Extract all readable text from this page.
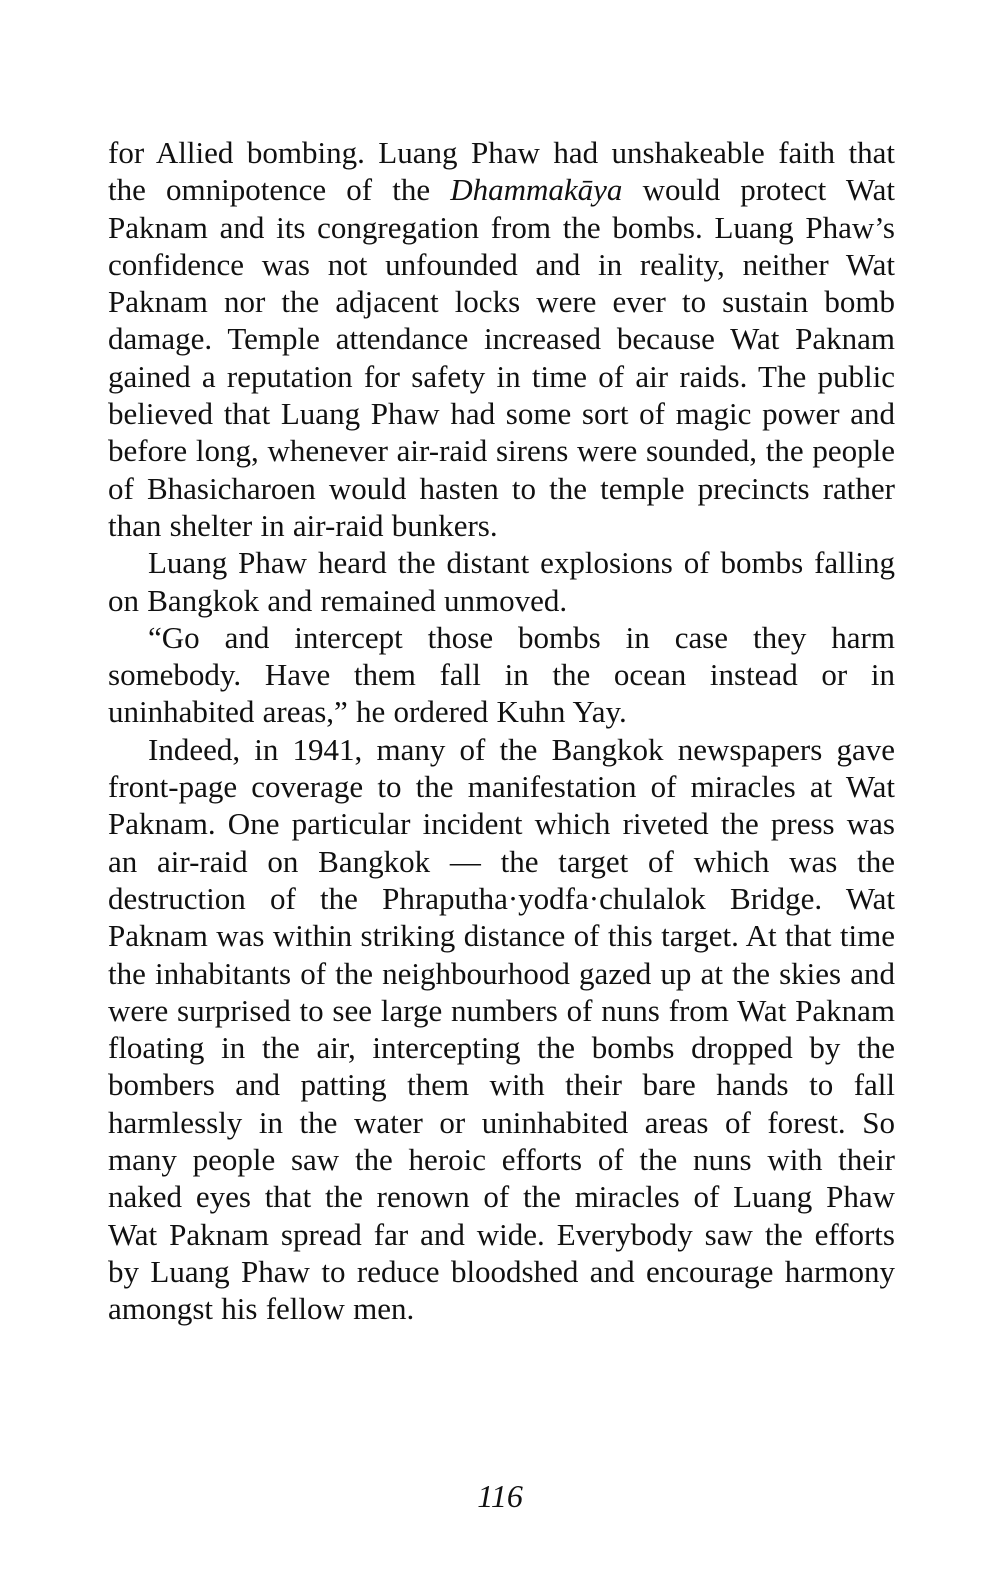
for Allied bombing. Luang Phaw had unshakeable faith that the omnipotence of the Dhammakāya would protect Wat Paknam and its congregation from the bombs. Luang Phaw’s confidence was not unfounded and in reality, neither Wat Paknam nor the adjacent locks were ever to sustain bomb damage. Temple attendance increased because Wat Paknam gained a reputation for safety in time of air raids. The public believed that Luang Phaw had some sort of magic power and before long, whenever air-raid sirens were sounded, the people of Bhasicharoen would hasten to the temple precincts rather than shelter in air-raid bunkers.

Luang Phaw heard the distant explosions of bombs falling on Bangkok and remained unmoved.

“Go and intercept those bombs in case they harm somebody. Have them fall in the ocean instead or in uninhabited areas,” he ordered Kuhn Yay.

Indeed, in 1941, many of the Bangkok newspapers gave front-page coverage to the manifestation of miracles at Wat Paknam. One particular incident which riveted the press was an air-raid on Bangkok — the target of which was the destruction of the Phraputha·yodfa·chulalok Bridge. Wat Paknam was within striking distance of this target. At that time the inhabitants of the neighbourhood gazed up at the skies and were surprised to see large numbers of nuns from Wat Paknam floating in the air, intercepting the bombs dropped by the bombers and patting them with their bare hands to fall harmlessly in the water or uninhabited areas of forest. So many people saw the heroic efforts of the nuns with their naked eyes that the renown of the miracles of Luang Phaw Wat Paknam spread far and wide. Everybody saw the efforts by Luang Phaw to reduce bloodshed and encourage harmony amongst his fellow men.

116
